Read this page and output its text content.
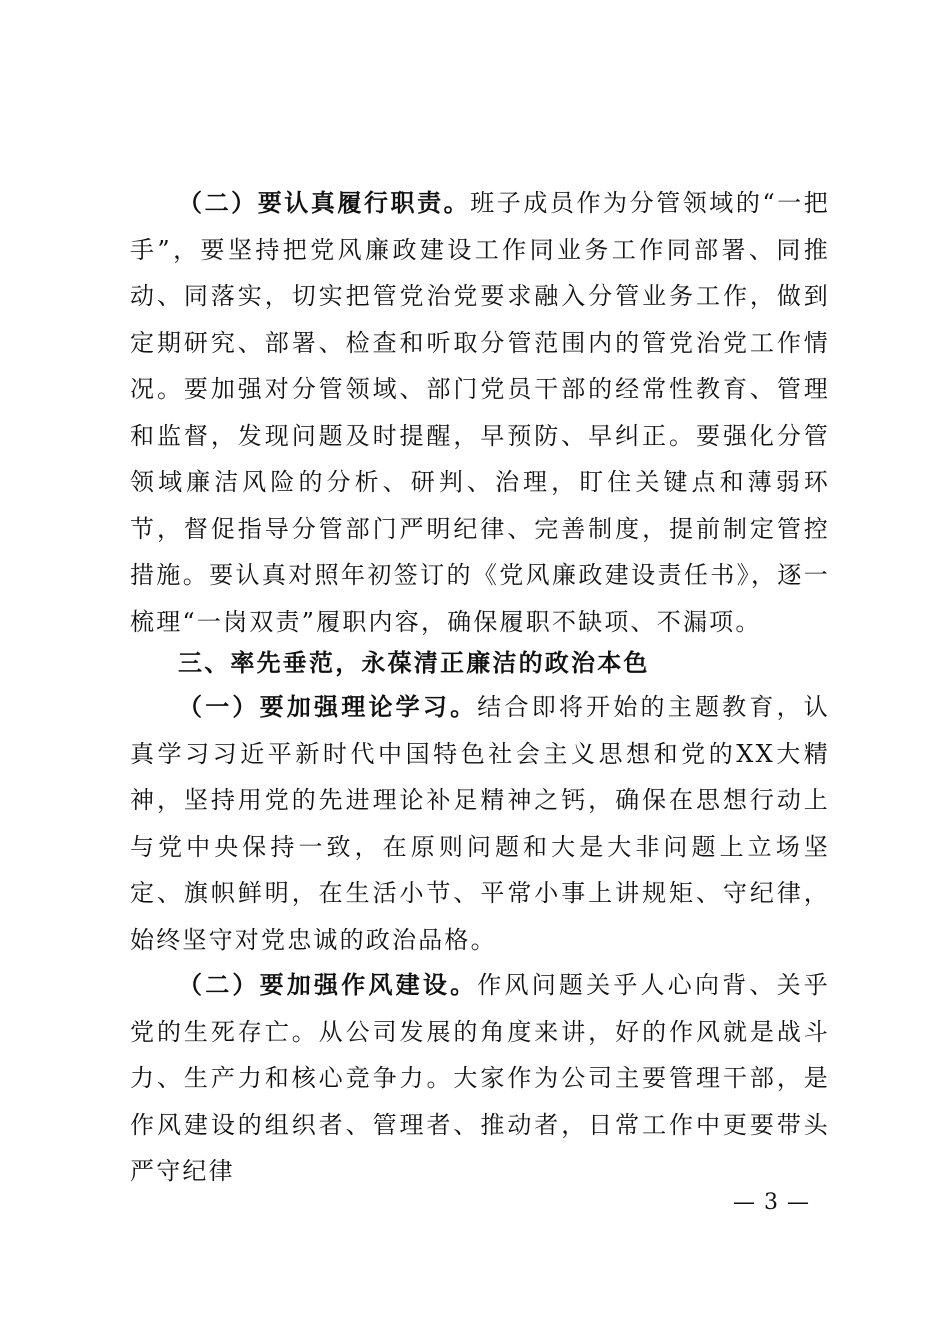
（二）要认真履行职责。班子成员作为分管领域的“一把手”，要坚持把党风廉政建设工作同业务工作同部署、同推动、同落实，切实把管党治党要求融入分管业务工作，做到定期研究、部署、检查和听取分管范围内的管党治党工作情况。要加强对分管领域、部门党员干部的经常性教育、管理和监督，发现问题及时提醒，早预防、早纠正。要强化分管领域廉洁风险的分析、研判、治理，盯住关键点和薄弱环节，督促指导分管部门严明纪律、完善制度，提前制定管控措施。要认真对照年初签订的《党风廉政建设责任书》，逐一梳理“一岗双责”履职内容，确保履职不缺项、不漏项。

三、率先垂范，永葆清正廉洁的政治本色

（一）要加强理论学习。结合即将开始的主题教育，认真学习习近平新时代中国特色社会主义思想和党的XX大精神，坚持用党的先进理论补足精神之钙，确保在思想行动上与党中央保持一致，在原则问题和大是大非问题上立场坚定、旗帜鲜明，在生活小节、平常小事上讲规矩、守纪律，始终坚守对党忠诚的政治品格。

（二）要加强作风建设。作风问题关乎人心向背、关乎党的生死存亡。从公司发展的角度来讲，好的作风就是战斗力、生产力和核心竞争力。大家作为公司主要管理干部，是作风建设的组织者、管理者、推动者，日常工作中更要带头严守纪律

— 3 —
